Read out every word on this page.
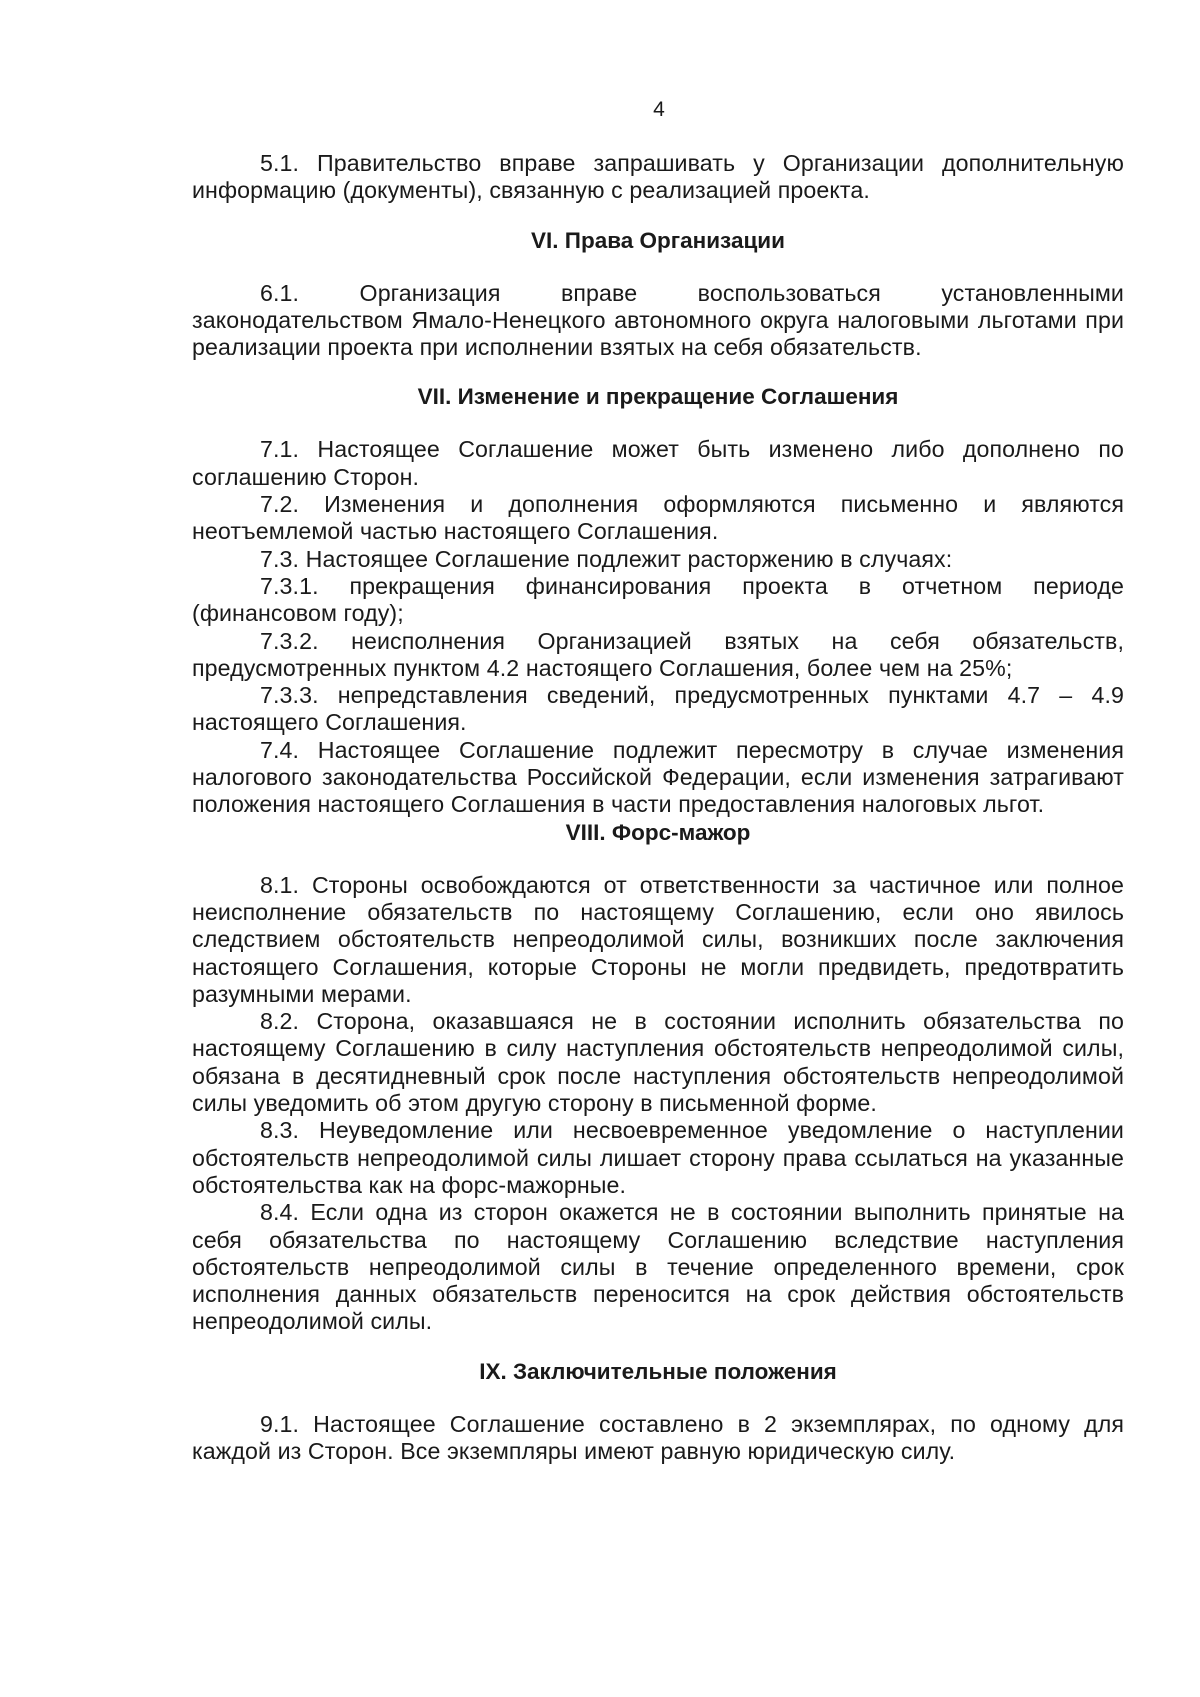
4

5.1. Правительство вправе запрашивать у Организации дополнительную информацию (документы), связанную с реализацией проекта.

VI. Права Организации

6.1. Организация вправе воспользоваться установленными законодательством Ямало-Ненецкого автономного округа налоговыми льготами при реализации проекта при исполнении взятых на себя обязательств.

VII. Изменение и прекращение Соглашения

7.1. Настоящее Соглашение может быть изменено либо дополнено по соглашению Сторон.

7.2. Изменения и дополнения оформляются письменно и являются неотъемлемой частью настоящего Соглашения.

7.3. Настоящее Соглашение подлежит расторжению в случаях:

7.3.1. прекращения финансирования проекта в отчетном периоде (финансовом году);

7.3.2. неисполнения Организацией взятых на себя обязательств, предусмотренных пунктом 4.2 настоящего Соглашения, более чем на 25%;

7.3.3. непредставления сведений, предусмотренных пунктами 4.7 – 4.9 настоящего Соглашения.

7.4. Настоящее Соглашение подлежит пересмотру в случае изменения налогового законодательства Российской Федерации, если изменения затрагивают положения настоящего Соглашения в части предоставления налоговых льгот.

VIII. Форс-мажор

8.1. Стороны освобождаются от ответственности за частичное или полное неисполнение обязательств по настоящему Соглашению, если оно явилось следствием обстоятельств непреодолимой силы, возникших после заключения настоящего Соглашения, которые Стороны не могли предвидеть, предотвратить разумными мерами.

8.2. Сторона, оказавшаяся не в состоянии исполнить обязательства по настоящему Соглашению в силу наступления обстоятельств непреодолимой силы, обязана в десятидневный срок после наступления обстоятельств непреодолимой силы уведомить об этом другую сторону в письменной форме.

8.3. Неуведомление или несвоевременное уведомление о наступлении обстоятельств непреодолимой силы лишает сторону права ссылаться на указанные обстоятельства как на форс-мажорные.

8.4. Если одна из сторон окажется не в состоянии выполнить принятые на себя обязательства по настоящему Соглашению вследствие наступления обстоятельств непреодолимой силы в течение определенного времени, срок исполнения данных обязательств переносится на срок действия обстоятельств непреодолимой силы.

IX. Заключительные положения

9.1. Настоящее Соглашение составлено в 2 экземплярах, по одному для каждой из Сторон. Все экземпляры имеют равную юридическую силу.
